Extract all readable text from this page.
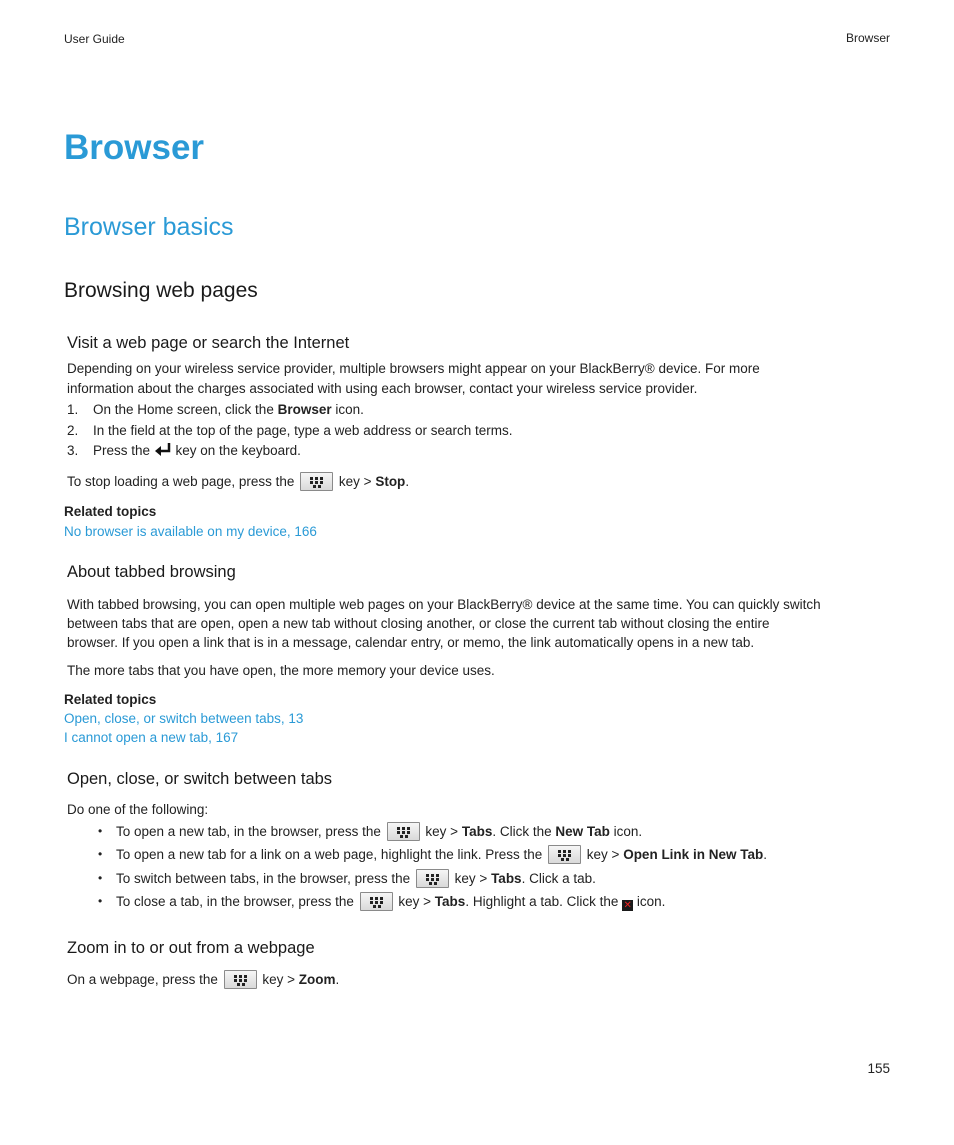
User Guide	Browser
Browser
Browser basics
Browsing web pages
Visit a web page or search the Internet
Depending on your wireless service provider, multiple browsers might appear on your BlackBerry® device. For more
information about the charges associated with using each browser, contact your wireless service provider.
1. On the Home screen, click the Browser icon.
2. In the field at the top of the page, type a web address or search terms.
3. Press the  key on the keyboard.
To stop loading a web page, press the	key > Stop.
Related topics
No browser is available on my device, 166
About tabbed browsing
With tabbed browsing, you can open multiple web pages on your BlackBerry® device at the same time. You can quickly switch
between tabs that are open, open a new tab without closing another, or close the current tab without closing the entire
browser. If you open a link that is in a message, calendar entry, or memo, the link automatically opens in a new tab.
The more tabs that you have open, the more memory your device uses.
Related topics
Open, close, or switch between tabs, 13
I cannot open a new tab, 167
Open, close, or switch between tabs
Do one of the following:
• To open a new tab, in the browser, press the	key > Tabs. Click the New Tab icon.
• To open a new tab for a link on a web page, highlight the link. Press the	key > Open Link in New Tab.
• To switch between tabs, in the browser, press the	key > Tabs. Click a tab.
• To close a tab, in the browser, press the	key > Tabs. Highlight a tab. Click the ✕ icon.
Zoom in to or out from a webpage
On a webpage, press the	key > Zoom.
155
